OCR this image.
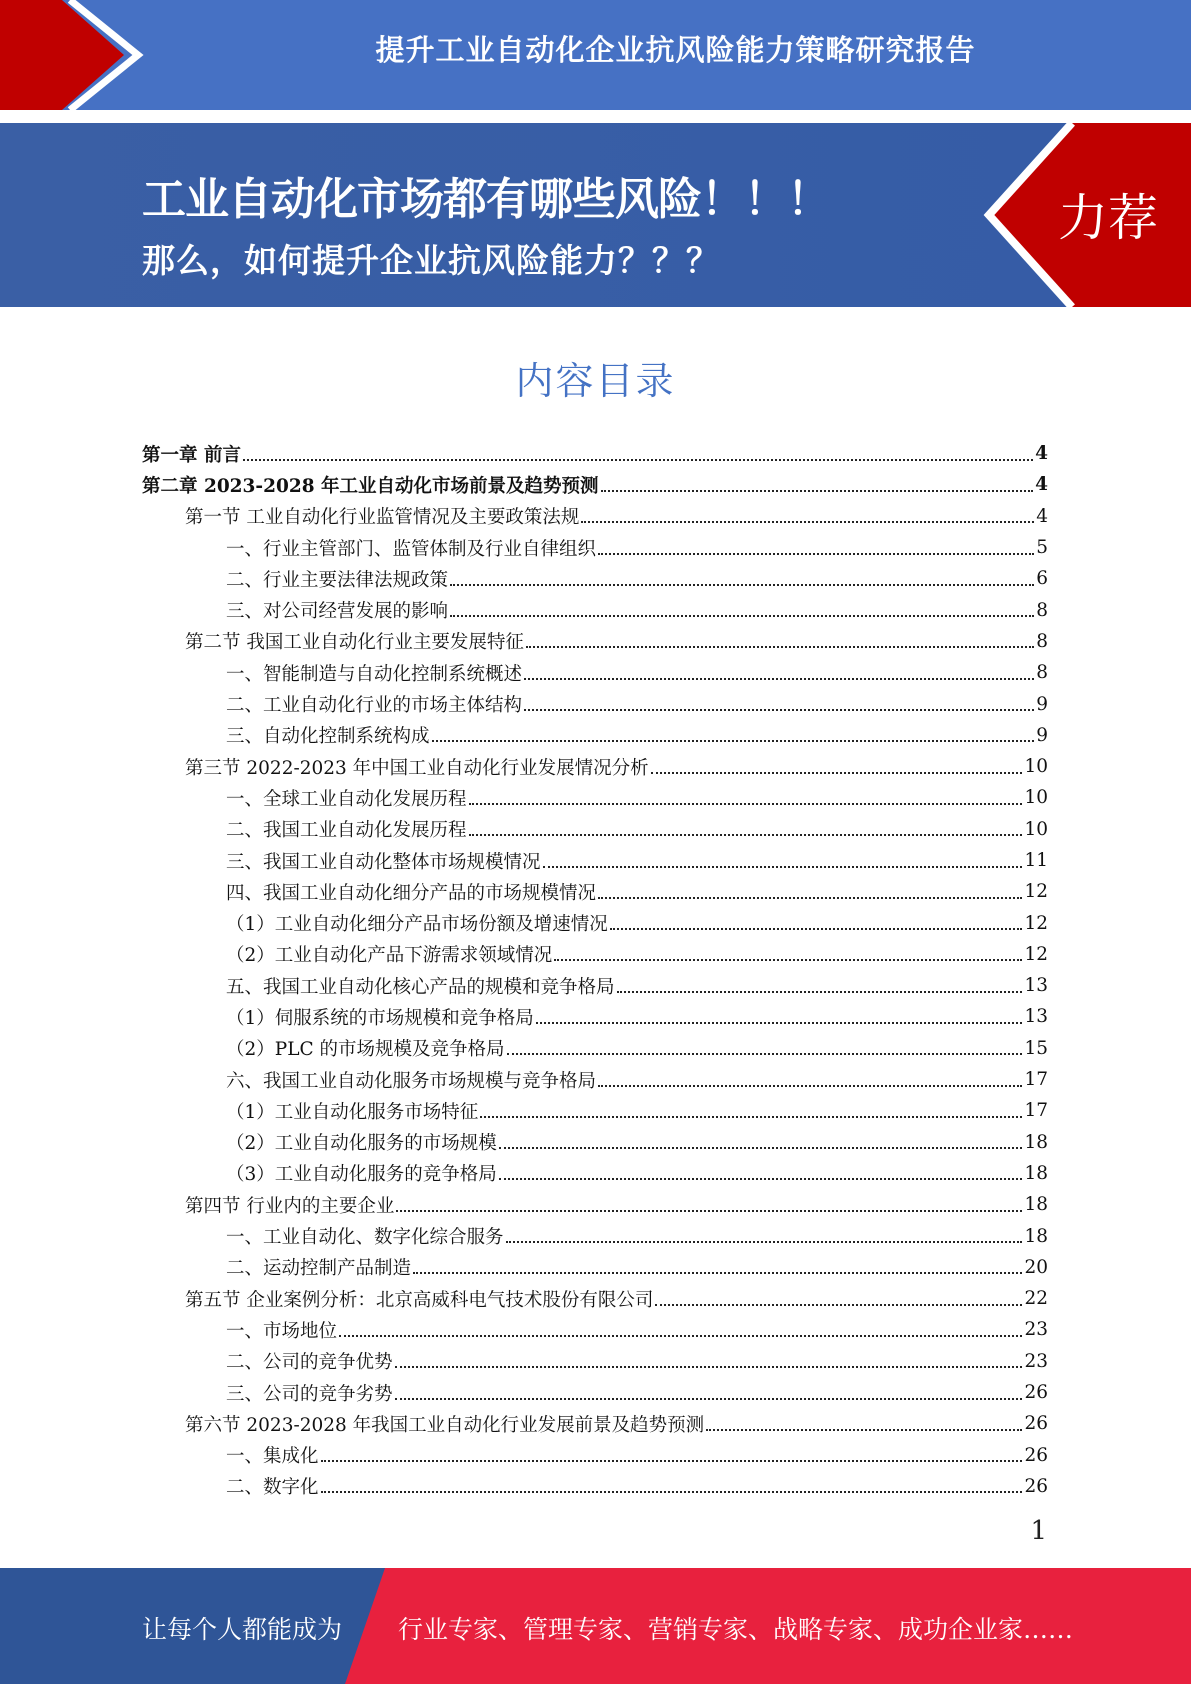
提升工业自动化企业抗风险能力策略研究报告
工业自动化市场都有哪些风险！！！
那么，如何提升企业抗风险能力？？？
力荐
内容目录
第一章 前言	4
第二章 2023-2028 年工业自动化市场前景及趋势预测	4
第一节 工业自动化行业监管情况及主要政策法规	4
一、行业主管部门、监管体制及行业自律组织	5
二、行业主要法律法规政策	6
三、对公司经营发展的影响	8
第二节 我国工业自动化行业主要发展特征	8
一、智能制造与自动化控制系统概述	8
二、工业自动化行业的市场主体结构	9
三、自动化控制系统构成	9
第三节 2022-2023 年中国工业自动化行业发展情况分析	10
一、全球工业自动化发展历程	10
二、我国工业自动化发展历程	10
三、我国工业自动化整体市场规模情况	11
四、我国工业自动化细分产品的市场规模情况	12
（1）工业自动化细分产品市场份额及增速情况	12
（2）工业自动化产品下游需求领域情况	12
五、我国工业自动化核心产品的规模和竞争格局	13
（1）伺服系统的市场规模和竞争格局	13
（2）PLC 的市场规模及竞争格局	15
六、我国工业自动化服务市场规模与竞争格局	17
（1）工业自动化服务市场特征	17
（2）工业自动化服务的市场规模	18
（3）工业自动化服务的竞争格局	18
第四节 行业内的主要企业	18
一、工业自动化、数字化综合服务	18
二、运动控制产品制造	20
第五节 企业案例分析：北京高威科电气技术股份有限公司	22
一、市场地位	23
二、公司的竞争优势	23
三、公司的竞争劣势	26
第六节 2023-2028 年我国工业自动化行业发展前景及趋势预测	26
一、集成化	26
二、数字化	26
1
让每个人都能成为 行业专家、管理专家、营销专家、战略专家、成功企业家……
